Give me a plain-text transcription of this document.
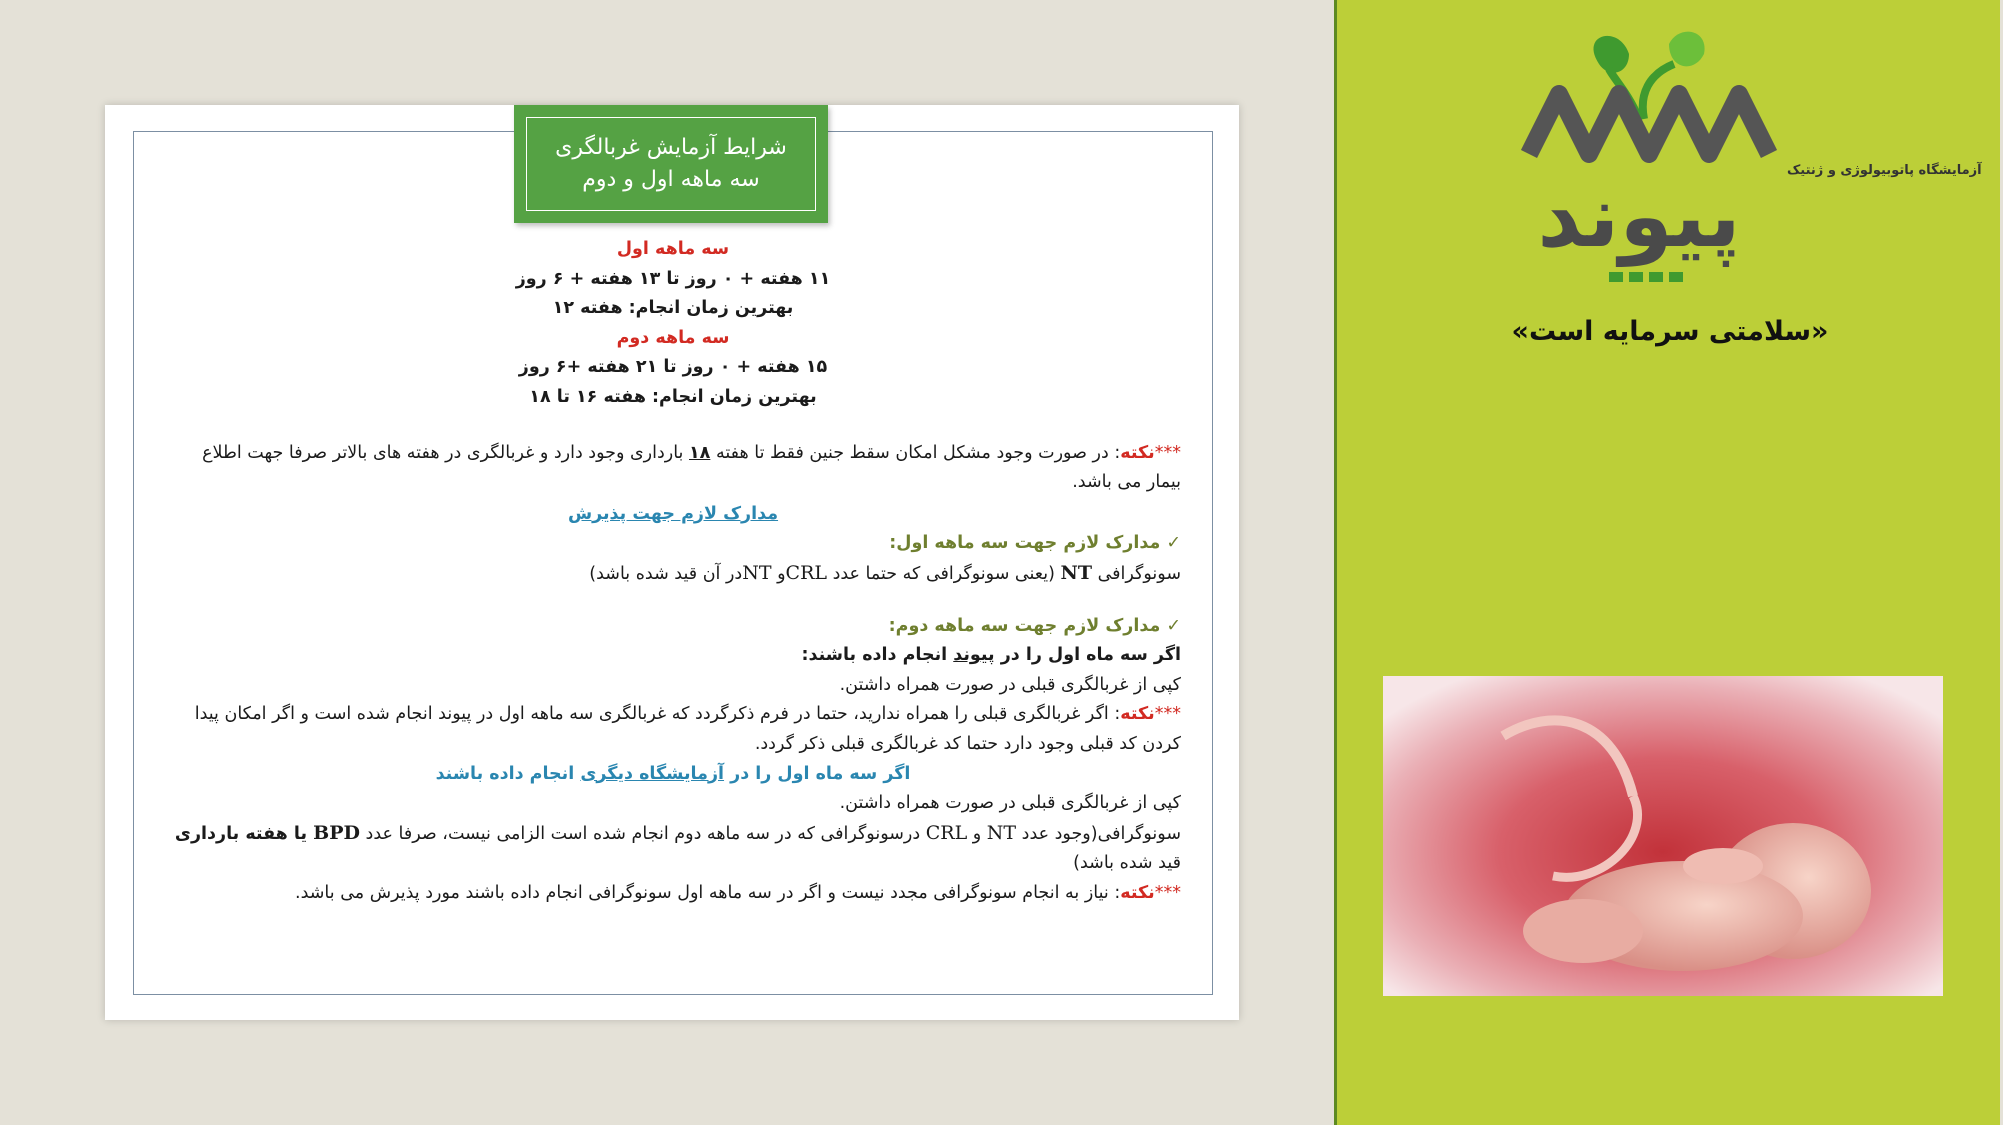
شرایط آزمایش غربالگری
سه ماهه اول و دوم
سه ماهه اول
۱۱ هفته + ۰ روز تا ۱۳ هفته + ۶ روز
بهترین زمان انجام: هفته ۱۲
سه ماهه دوم
۱۵ هفته + ۰ روز تا ۲۱ هفته +۶ روز
بهترین زمان انجام: هفته ۱۶ تا ۱۸

***نکته: در صورت وجود مشکل امکان سقط جنین فقط تا هفته ۱۸ بارداری وجود دارد و غربالگری در هفته های بالاتر صرفا جهت اطلاع بیمار می باشد.

مدارک لازم جهت پذیرش
✓مدارک لازم جهت سه ماهه اول:

سونوگرافی NT (یعنی سونوگرافی که حتما عدد CRLو NTدر آن قید شده باشد)

✓مدارک لازم جهت سه ماهه دوم:
اگر سه ماه اول را در پیوند انجام داده باشند:
کپی از غربالگری قبلی در صورت همراه داشتن.

***نکته: اگر غربالگری قبلی را همراه ندارید، حتما در فرم ذکرگردد که غربالگری سه ماهه اول در پیوند انجام شده است و اگر امکان پیدا کردن کد قبلی وجود دارد حتما کد غربالگری قبلی ذکر گردد.

اگر سه ماه اول را در آزمایشگاه دیگری انجام داده باشند
کپی از غربالگری قبلی در صورت همراه داشتن.

سونوگرافی(وجود عدد NT و CRL درسونوگرافی که در سه ماهه دوم انجام شده است الزامی نیست، صرفا عدد BPD یا هفته بارداری قید شده باشد)

***نکته: نیاز به انجام سونوگرافی مجدد نیست و اگر در سه ماهه اول سونوگرافی انجام داده باشند مورد پذیرش می باشد.

آزمایشگاه پاتوبیولوژی و ژنتیک
پیوند
«سلامتی سرمایه است»
